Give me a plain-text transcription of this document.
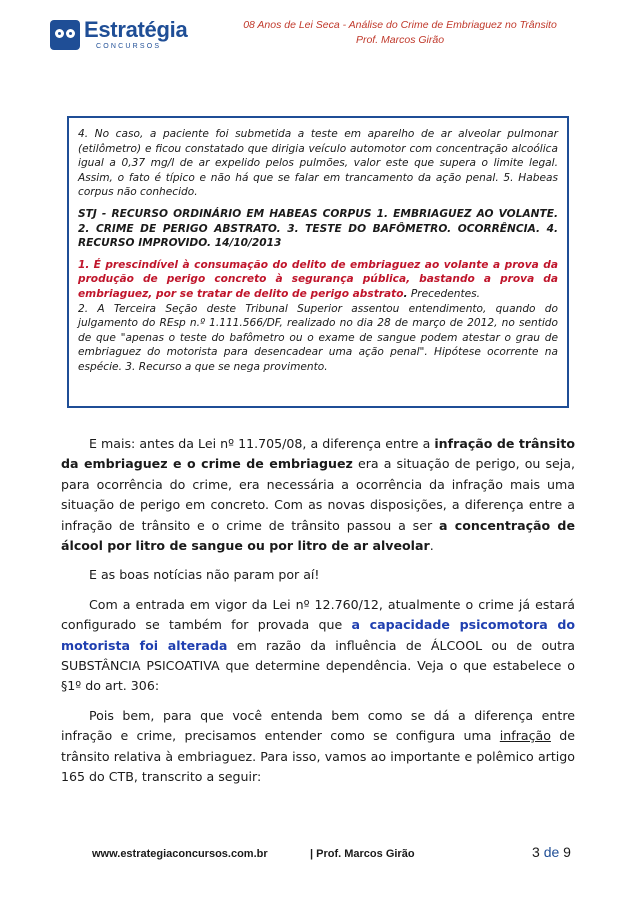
Estratégia
CONCURSOS
08 Anos de Lei Seca - Análise do Crime de Embriaguez no Trânsito
Prof. Marcos Girão

4. No caso, a paciente foi submetida a teste em aparelho de ar alveolar pulmonar (etilômetro) e ficou constatado que dirigia veículo automotor com concentração alcoólica igual a 0,37 mg/l de ar expelido pelos pulmões, valor este que supera o limite legal. Assim, o fato é típico e não há que se falar em trancamento da ação penal. 5. Habeas corpus não conhecido.

STJ - RECURSO ORDINÁRIO EM HABEAS CORPUS 1. EMBRIAGUEZ AO VOLANTE. 2. CRIME DE PERIGO ABSTRATO. 3. TESTE DO BAFÔMETRO. OCORRÊNCIA. 4. RECURSO IMPROVIDO. 14/10/2013

1. É prescindível à consumação do delito de embriaguez ao volante a prova da produção de perigo concreto à segurança pública, bastando a prova da embriaguez, por se tratar de delito de perigo abstrato. Precedentes.

2. A Terceira Seção deste Tribunal Superior assentou entendimento, quando do julgamento do REsp n.º 1.111.566/DF, realizado no dia 28 de março de 2012, no sentido de que "apenas o teste do bafômetro ou o exame de sangue podem atestar o grau de embriaguez do motorista para desencadear uma ação penal". Hipótese ocorrente na espécie. 3. Recurso a que se nega provimento.

E mais: antes da Lei nº 11.705/08, a diferença entre a infração de trânsito da embriaguez e o crime de embriaguez era a situação de perigo, ou seja, para ocorrência do crime, era necessária a ocorrência da infração mais uma situação de perigo em concreto. Com as novas disposições, a diferença entre a infração de trânsito e o crime de trânsito passou a ser a concentração de álcool por litro de sangue ou por litro de ar alveolar.

E as boas notícias não param por aí!

Com a entrada em vigor da Lei nº 12.760/12, atualmente o crime já estará configurado se também for provada que a capacidade psicomotora do motorista foi alterada em razão da influência de ÁLCOOL ou de outra SUBSTÂNCIA PSICOATIVA que determine dependência. Veja o que estabelece o §1º do art. 306:

Pois bem, para que você entenda bem como se dá a diferença entre infração e crime, precisamos entender como se configura uma infração de trânsito relativa à embriaguez. Para isso, vamos ao importante e polêmico artigo 165 do CTB, transcrito a seguir:

www.estrategiaconcursos.com.br	| Prof. Marcos Girão	3 de 9
